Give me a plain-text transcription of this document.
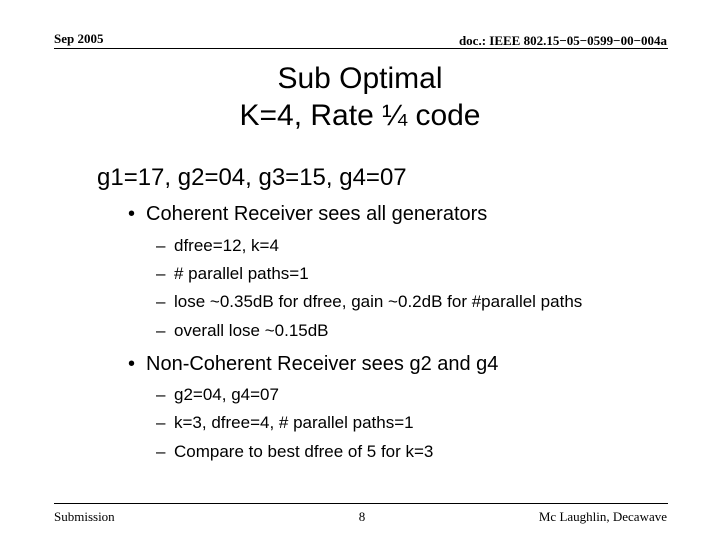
Sep 2005	doc.: IEEE 802.15−05−0599−00−004a
Sub Optimal
K=4, Rate ¼ code
g1=17, g2=04, g3=15, g4=07
• Coherent Receiver sees all generators
– dfree=12, k=4
– # parallel paths=1
– lose ~0.35dB for dfree, gain ~0.2dB for #parallel paths
– overall lose ~0.15dB
• Non-Coherent Receiver sees g2 and g4
– g2=04, g4=07
– k=3, dfree=4, # parallel paths=1
– Compare to best dfree of 5 for k=3
Submission	8	Mc Laughlin, Decawave
